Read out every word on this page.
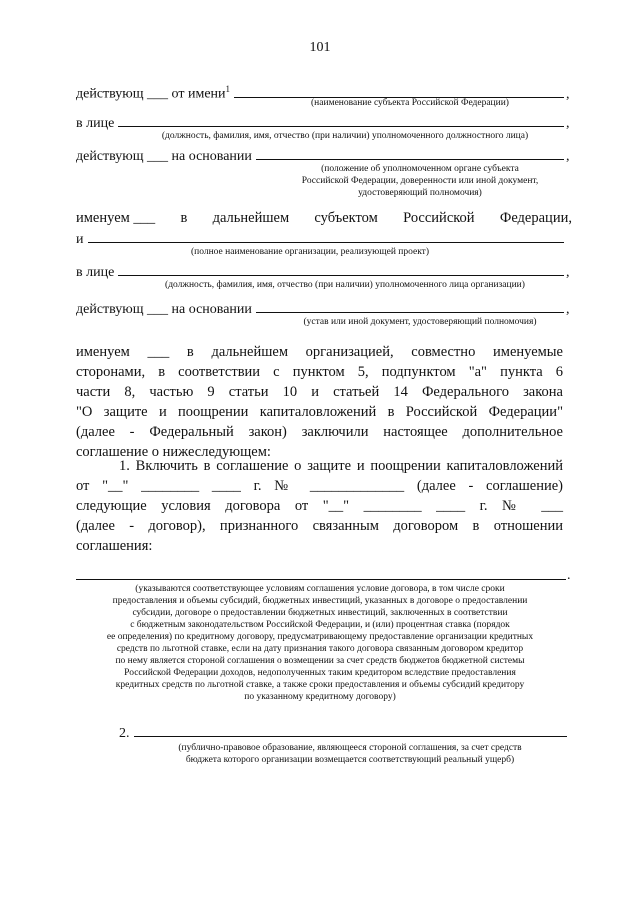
101
действующ ___ от имени$^1$	,
(наименование субъекта Российской Федерации)
в лице	,
(должность, фамилия, имя, отчество (при наличии) уполномоченного должностного лица)
действующ ___ на основании	,
(положение об уполномоченном органе субъекта
Российской Федерации, доверенности или иной документ,
удостоверяющий полномочия)
именуем ___ в дальнейшем субъектом Российской Федерации,
и
(полное наименование организации, реализующей проект)
в лице	,
(должность, фамилия, имя, отчество (при наличии) уполномоченного лица организации)
действующ ___ на основании	,
(устав или иной документ, удостоверяющий полномочия)
именуем ___ в дальнейшем организацией, совместно именуемые
сторонами, в соответствии с пунктом 5, подпунктом "а" пункта 6
части 8, частью 9 статьи 10 и статьей 14 Федерального закона
"О защите и поощрении капиталовложений в Российской Федерации"
(далее - Федеральный закон) заключили настоящее дополнительное
соглашение о нижеследующем:
1. Включить в соглашение о защите и поощрении капиталовложений
от "__" ________ ____ г. № _____________ (далее - соглашение)
следующие условия договора от "__" ________ ____ г. № ___
(далее - договор), признанного связанным договором в отношении
соглашения:
.
(указываются соответствующее условиям соглашения условие договора, в том числе сроки
предоставления и объемы субсидий, бюджетных инвестиций, указанных в договоре о предоставлении
субсидии, договоре о предоставлении бюджетных инвестиций, заключенных в соответствии
с бюджетным законодательством Российской Федерации, и (или) процентная ставка (порядок
ее определения) по кредитному договору, предусматривающему предоставление организации кредитных
средств по льготной ставке, если на дату признания такого договора связанным договором кредитор
по нему является стороной соглашения о возмещении за счет средств бюджетов бюджетной системы
Российской Федерации доходов, недополученных таким кредитором вследствие предоставления
кредитных средств по льготной ставке, а также сроки предоставления и объемы субсидий кредитору
по указанному кредитному договору)
2.
(публично-правовое образование, являющееся стороной соглашения, за счет средств
бюджета которого организации возмещается соответствующий реальный ущерб)
